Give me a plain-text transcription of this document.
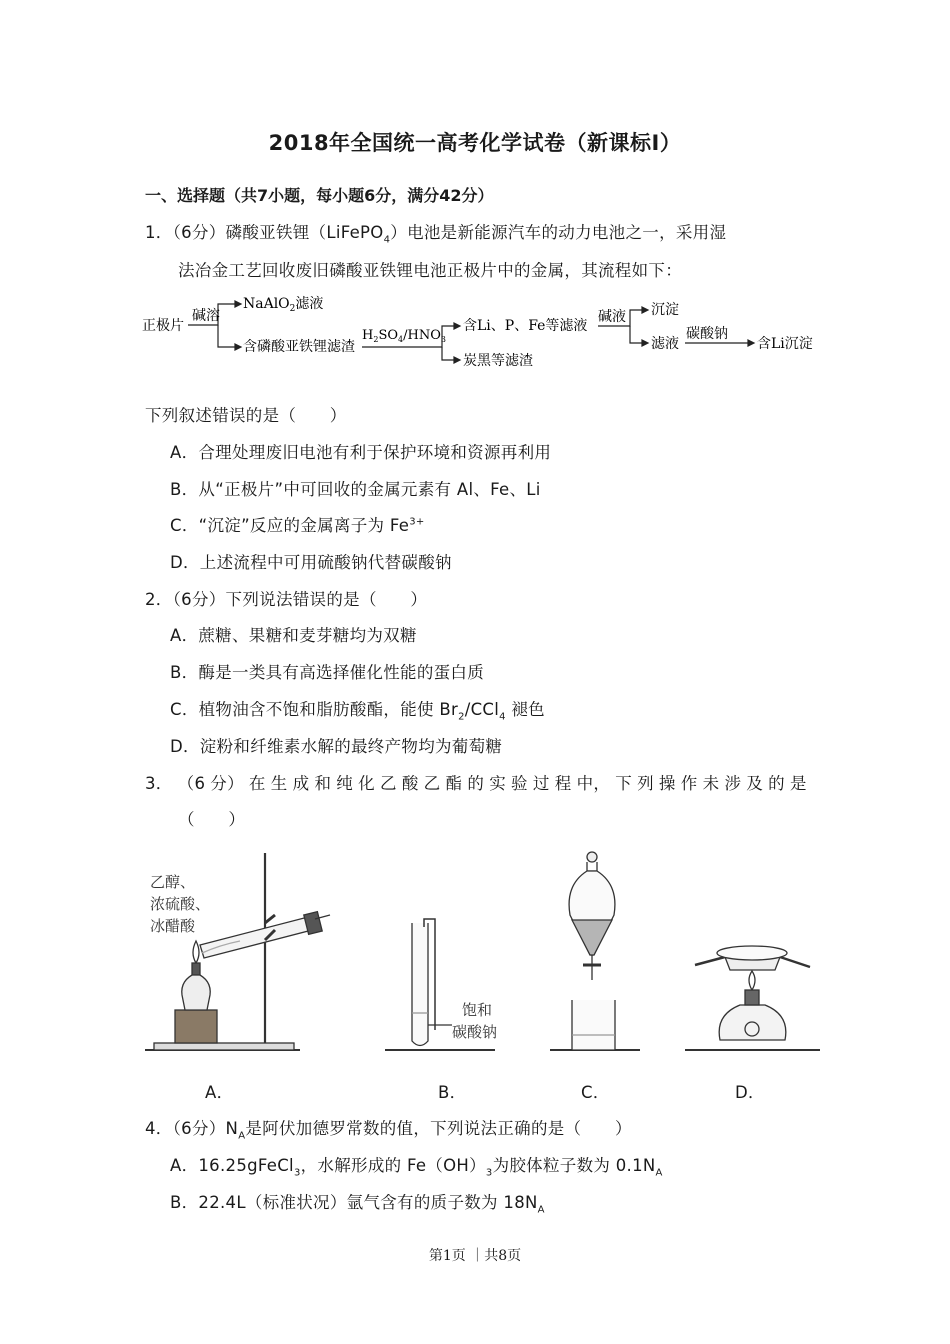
2018年全国统一高考化学试卷（新课标Ⅰ）
一、选择题（共7小题，每小题6分，满分42分）
1．（6分）磷酸亚铁锂（LiFePO$_4$）电池是新能源汽车的动力电池之一，采用湿
法冶金工艺回收废旧磷酸亚铁锂电池正极片中的金属，其流程如下：
正极片
碱溶
NaAlO$_2$滤液
含磷酸亚铁锂滤渣
$H_2SO_4/HNO_3$
含Li、P、Fe等滤液
炭黑等滤渣
碱液 沉淀
滤液
碳酸钠
含Li沉淀
下列叙述错误的是（　　）
A．合理处理废旧电池有利于保护环境和资源再利用
B．从“正极片”中可回收的金属元素有 Al、Fe、Li
C．“沉淀”反应的金属离子为 $Fe^{3+}$
D．上述流程中可用硫酸钠代替碳酸钠
2．（6分）下列说法错误的是（　　）
A．蔗糖、果糖和麦芽糖均为双糖
B．酶是一类具有高选择催化性能的蛋白质
C．植物油含不饱和脂肪酸酯，能使 $Br_2/CCl_4$ 褪色
D．淀粉和纤维素水解的最终产物均为葡萄糖
3． （6 分） 在 生 成 和 纯 化 乙 酸 乙 酯 的 实 验 过 程 中， 下 列 操 作 未 涉 及 的 是
（　　）
乙醇、
浓硫酸、
冰醋酸
饱和
碳酸钠
A．	B．	C．	D．
4．（6分）$N_A$是阿伏加德罗常数的值，下列说法正确的是（　　）
A．16.25gFeCl$_3$，水解形成的 $Fe(OH)_3$为胶体粒子数为 $0.1N_A$
B．22.4L（标准状况）氩气含有的质子数为 $18N_A$
第1页 ｜共8页
